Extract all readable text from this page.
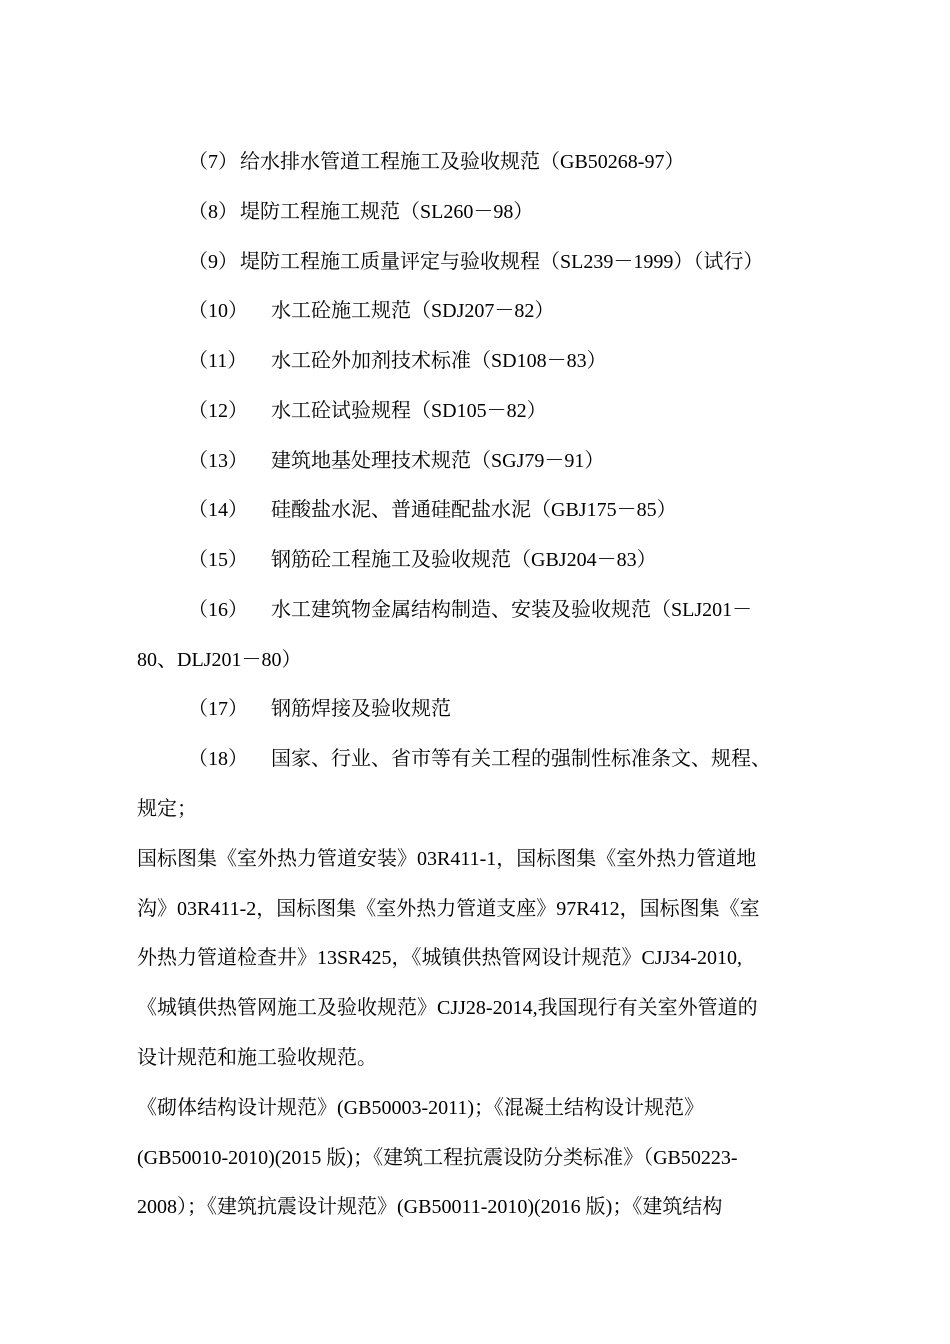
（7） 给水排水管道工程施工及验收规范（GB50268-97）
（8） 堤防工程施工规范（SL260－98）
（9） 堤防工程施工质量评定与验收规程（SL239－1999）（试行）
（10） 水工砼施工规范（SDJ207－82）
（11） 水工砼外加剂技术标准（SD108－83）
（12） 水工砼试验规程（SD105－82）
（13） 建筑地基处理技术规范（SGJ79－91）
（14） 硅酸盐水泥、普通硅配盐水泥（GBJ175－85）
（15） 钢筋砼工程施工及验收规范（GBJ204－83）
（16） 水工建筑物金属结构制造、安装及验收规范（SLJ201－
80、DLJ201－80）
（17） 钢筋焊接及验收规范
（18） 国家、行业、省市等有关工程的强制性标准条文、规程、
规定；
国标图集《室外热力管道安装》03R411-1，国标图集《室外热力管道地
沟》03R411-2，国标图集《室外热力管道支座》97R412，国标图集《室
外热力管道检查井》13SR425，《城镇供热管网设计规范》CJJ34-2010,
《城镇供热管网施工及验收规范》CJJ28-2014,我国现行有关室外管道的
设计规范和施工验收规范。
《砌体结构设计规范》(GB50003-2011)；《混凝土结构设计规范》
(GB50010-2010)(2015 版)；《建筑工程抗震设防分类标准》（GB50223-
2008）；《建筑抗震设计规范》(GB50011-2010)(2016 版)；《建筑结构
